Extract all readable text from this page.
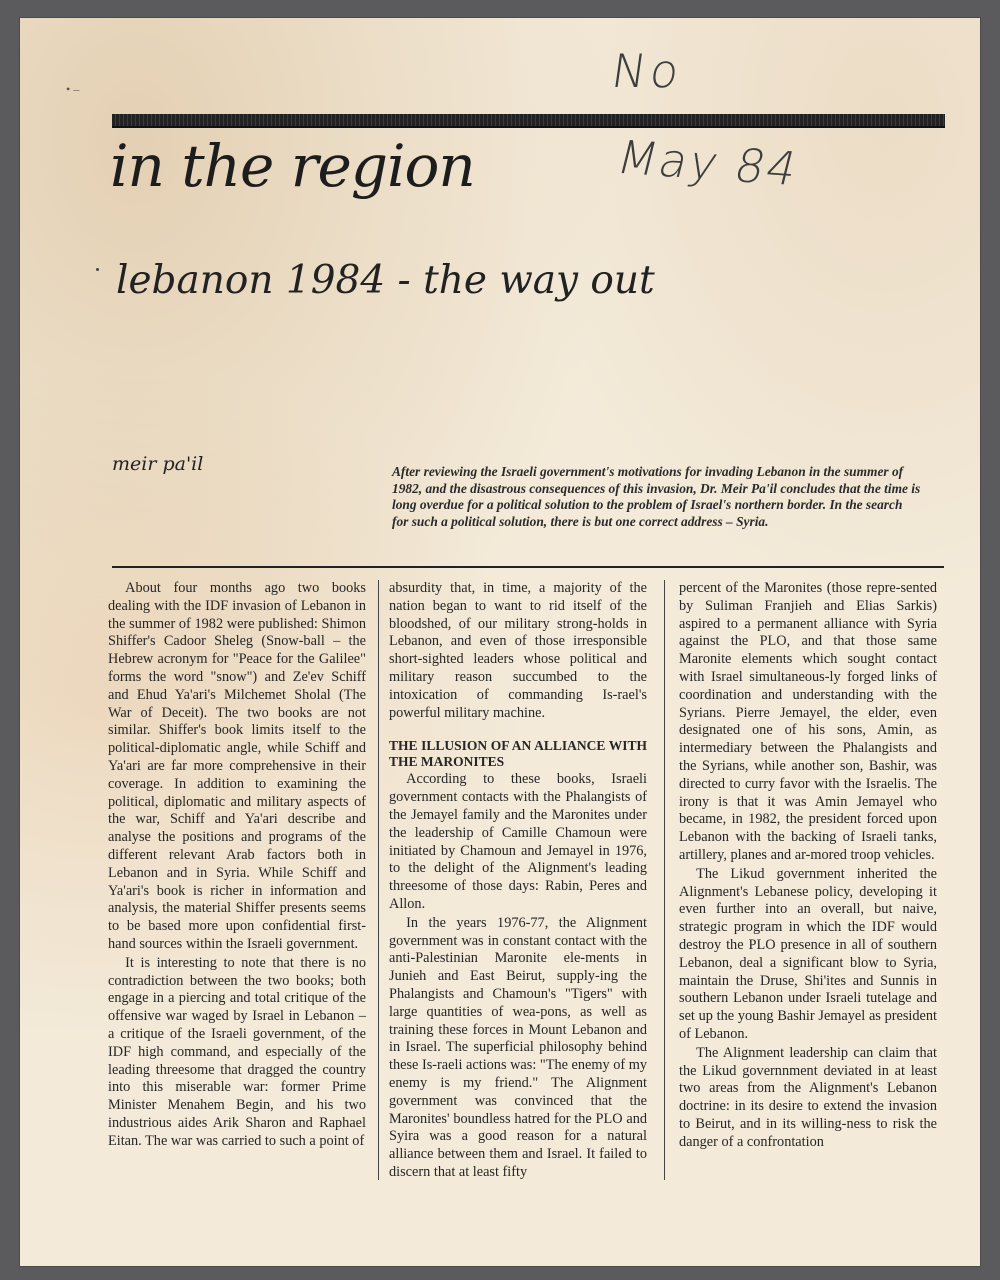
• –	No
May 84
in the region
lebanon 1984 - the way out
meir pa'il	After reviewing the Israeli government's motivations for invading Lebanon in the summer of 1982, and the disastrous consequences of this invasion, Dr. Meir Pa'il concludes that the time is long overdue for a political solution to the problem of Israel's northern border. In the search for such a political solution, there is but one correct address – Syria.

About four months ago two books dealing with the IDF invasion of Lebanon in the summer of 1982 were published: Shimon Shiffer's Cadoor Sheleg (Snow-ball – the Hebrew acronym for "Peace for the Galilee" forms the word "snow") and Ze'ev Schiff and Ehud Ya'ari's Milchemet Sholal (The War of Deceit). The two books are not similar. Shiffer's book limits itself to the political-diplomatic angle, while Schiff and Ya'ari are far more comprehensive in their coverage. In addition to examining the political, diplomatic and military aspects of the war, Schiff and Ya'ari describe and analyse the positions and programs of the different relevant Arab factors both in Lebanon and in Syria. While Schiff and Ya'ari's book is richer in information and analysis, the material Shiffer presents seems to be based more upon confidential first-hand sources within the Israeli government.

It is interesting to note that there is no contradiction between the two books; both engage in a piercing and total critique of the offensive war waged by Israel in Lebanon – a critique of the Israeli government, of the IDF high command, and especially of the leading threesome that dragged the country into this miserable war: former Prime Minister Menahem Begin, and his two industrious aides Arik Sharon and Raphael Eitan. The war was carried to such a point of

absurdity that, in time, a majority of the nation began to want to rid itself of the bloodshed, of our military strong-holds in Lebanon, and even of those irresponsible short-sighted leaders whose political and military reason succumbed to the intoxication of commanding Is-rael's powerful military machine.

THE ILLUSION OF AN ALLIANCE WITH THE MARONITES

According to these books, Israeli government contacts with the Phalangists of the Jemayel family and the Maronites under the leadership of Camille Chamoun were initiated by Chamoun and Jemayel in 1976, to the delight of the Alignment's leading threesome of those days: Rabin, Peres and Allon.

In the years 1976-77, the Alignment government was in constant contact with the anti-Palestinian Maronite ele-ments in Junieh and East Beirut, supply-ing the Phalangists and Chamoun's "Tigers" with large quantities of wea-pons, as well as training these forces in Mount Lebanon and in Israel. The superficial philosophy behind these Is-raeli actions was: "The enemy of my enemy is my friend." The Alignment government was convinced that the Maronites' boundless hatred for the PLO and Syira was a good reason for a natural alliance between them and Israel. It failed to discern that at least fifty

percent of the Maronites (those repre-sented by Suliman Franjieh and Elias Sarkis) aspired to a permanent alliance with Syria against the PLO, and that those same Maronite elements which sought contact with Israel simultaneous-ly forged links of coordination and understanding with the Syrians. Pierre Jemayel, the elder, even designated one of his sons, Amin, as intermediary between the Phalangists and the Syrians, while another son, Bashir, was directed to curry favor with the Israelis. The irony is that it was Amin Jemayel who became, in 1982, the president forced upon Lebanon with the backing of Israeli tanks, artillery, planes and ar-mored troop vehicles.

The Likud government inherited the Alignment's Lebanese policy, developing it even further into an overall, but naive, strategic program in which the IDF would destroy the PLO presence in all of southern Lebanon, deal a significant blow to Syria, maintain the Druse, Shi'ites and Sunnis in southern Lebanon under Israeli tutelage and set up the young Bashir Jemayel as president of Lebanon.

The Alignment leadership can claim that the Likud governnment deviated in at least two areas from the Alignment's Lebanon doctrine: in its desire to extend the invasion to Beirut, and in its willing-ness to risk the danger of a confrontation
